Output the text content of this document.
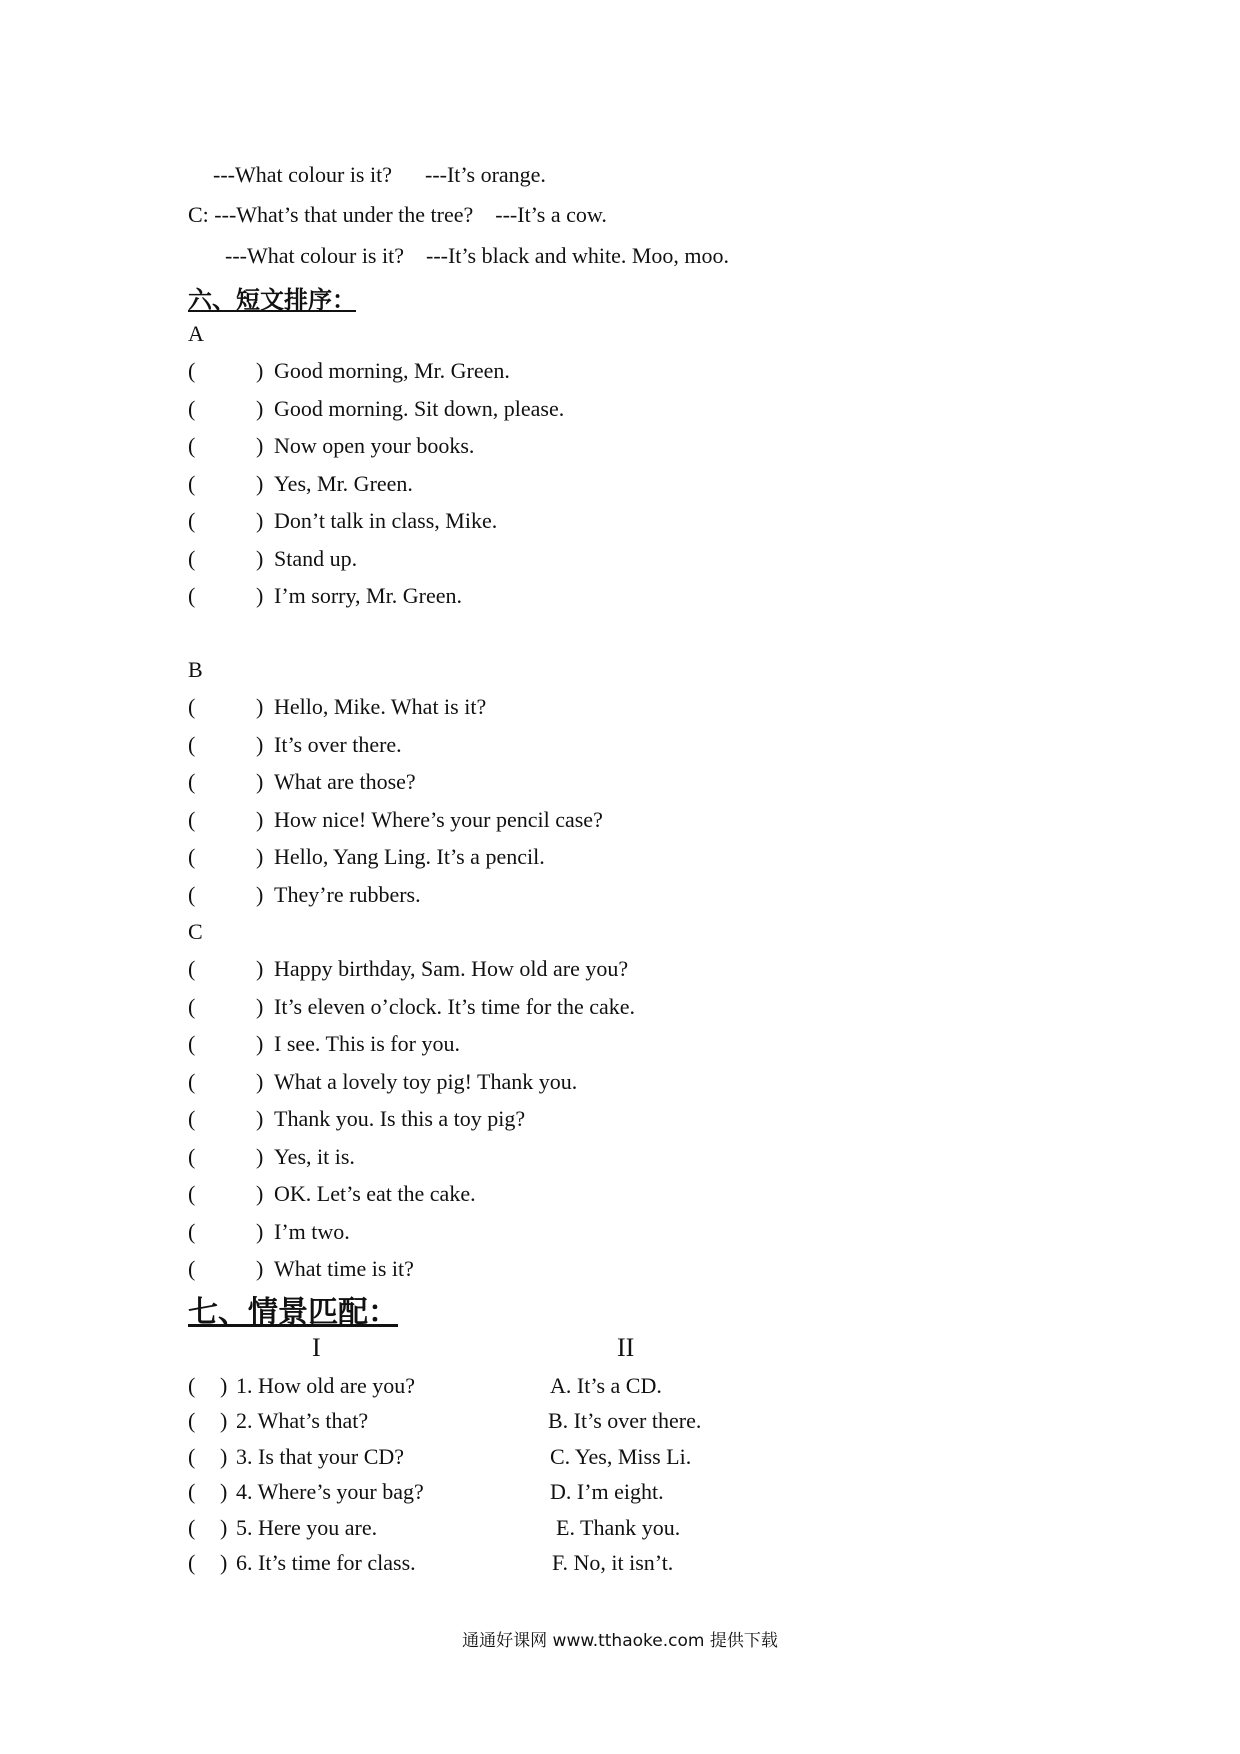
---What colour is it?      ---It’s orange.
C: ---What’s that under the tree?    ---It’s a cow.
---What colour is it?    ---It’s black and white. Moo, moo.
六、短文排序：
A
(	) Good morning, Mr. Green.
(	) Good morning. Sit down, please.
(	) Now open your books.
(	) Yes, Mr. Green.
(	) Don’t talk in class, Mike.
(	) Stand up.
(	) I’m sorry, Mr. Green.
B
(	) Hello, Mike. What is it?
(	) It’s over there.
(	) What are those?
(	) How nice! Where’s your pencil case?
(	) Hello, Yang Ling. It’s a pencil.
(	) They’re rubbers.
C
(	) Happy birthday, Sam. How old are you?
(	) It’s eleven o’clock. It’s time for the cake.
(	) I see. This is for you.
(	) What a lovely toy pig! Thank you.
(	) Thank you. Is this a toy pig?
(	) Yes, it is.
(	) OK. Let’s eat the cake.
(	) I’m two.
(	) What time is it?
七、情景匹配：
I	II
( ) 1. How old are you?	A. It’s a CD.
( ) 2. What’s that?	B. It’s over there.
( ) 3. Is that your CD?	C. Yes, Miss Li.
( ) 4. Where’s your bag?	D. I’m eight.
( ) 5. Here you are.	E. Thank you.
( ) 6. It’s time for class.	F. No, it isn’t.
通通好课网 www.tthaoke.com 提供下载
